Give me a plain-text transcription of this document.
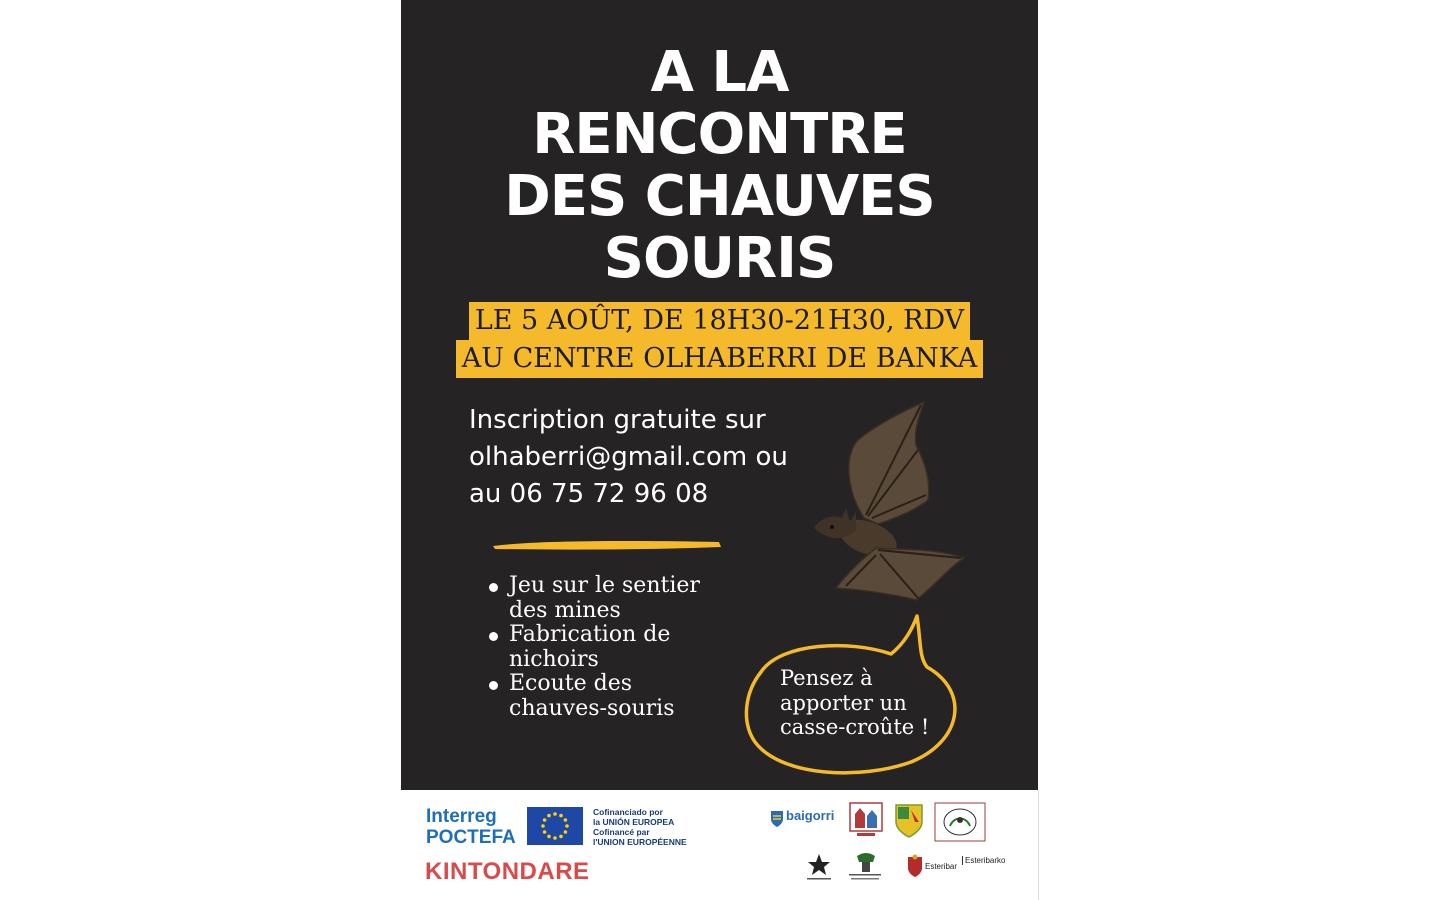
A LA
RENCONTRE
DES CHAUVES
SOURIS
LE 5 AOÛT, DE 18H30-21H30, RDV
AU CENTRE OLHABERRI DE BANKA
Inscription gratuite sur
olhaberri@gmail.com ou
au 06 75 72 96 08
Jeu sur le sentier
des mines
Fabrication de
nichoirs
Ecoute des
chauves-souris
Pensez à
apporter un
casse-croûte !
Interreg
POCTEFA
Cofinanciado por
la UNIÓN EUROPEA
Cofinancé par
l'UNION EUROPÉENNE
KINTONDARE
baigorri
Esteribar
Esteribarko
